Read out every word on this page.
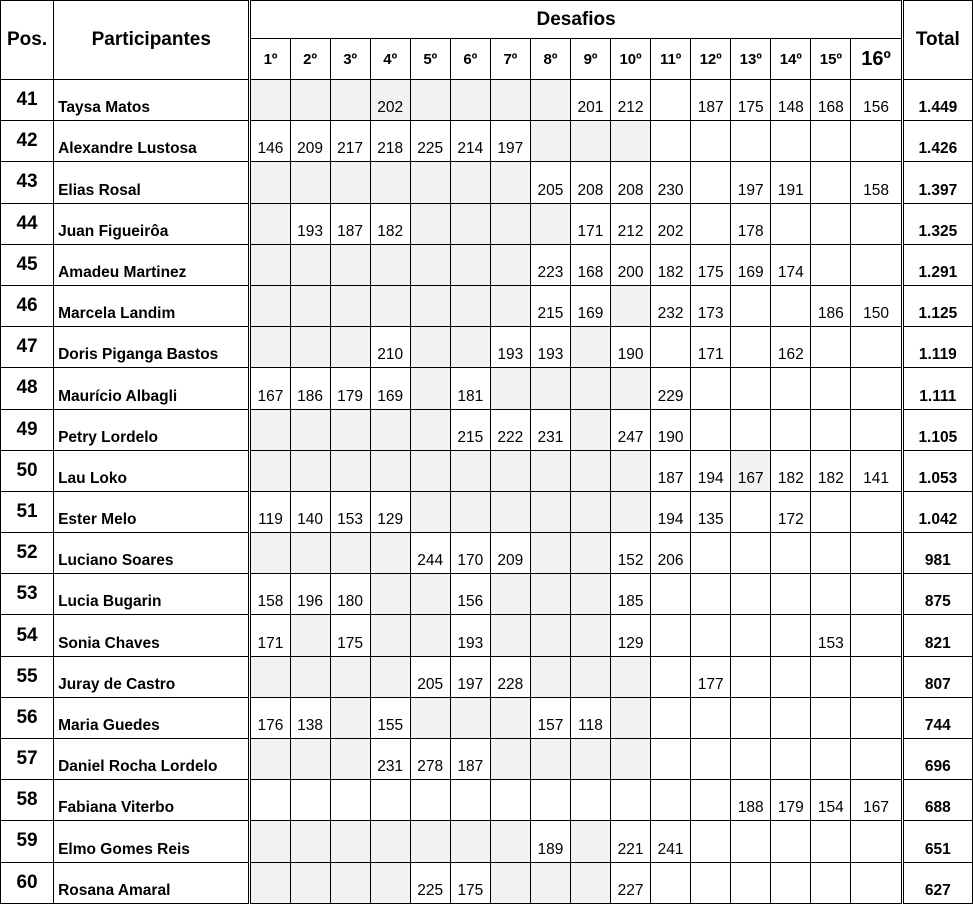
Pos.	Participantes	Desafios																Total
		1º	2º	3º	4º	5º	6º	7º	8º	9º	10º	11º	12º	13º	14º	15º	16º	
41	Taysa Matos				202					201	212		187	175	148	168	156	1.449
42	Alexandre Lustosa	146	209	217	218	225	214	197										1.426
43	Elias Rosal								205	208	208	230		197	191		158	1.397
44	Juan Figueirôa		193	187	182					171	212	202		178				1.325
45	Amadeu Martinez								223	168	200	182	175	169	174			1.291
46	Marcela Landim								215	169		232	173			186	150	1.125
47	Doris Piganga Bastos				210			193	193		190		171		162			1.119
48	Maurício Albagli	167	186	179	169		181					229						1.111
49	Petry Lordelo						215	222	231		247	190						1.105
50	Lau Loko											187	194	167	182	182	141	1.053
51	Ester Melo	119	140	153	129							194	135		172			1.042
52	Luciano Soares					244	170	209			152	206						981
53	Lucia Bugarin	158	196	180			156				185							875
54	Sonia Chaves	171		175			193				129					153		821
55	Juray de Castro					205	197	228					177					807
56	Maria Guedes	176	138		155				157	118								744
57	Daniel Rocha Lordelo				231	278	187											696
58	Fabiana Viterbo													188	179	154	167	688
59	Elmo Gomes Reis								189		221	241						651
60	Rosana Amaral					225	175				227							627
